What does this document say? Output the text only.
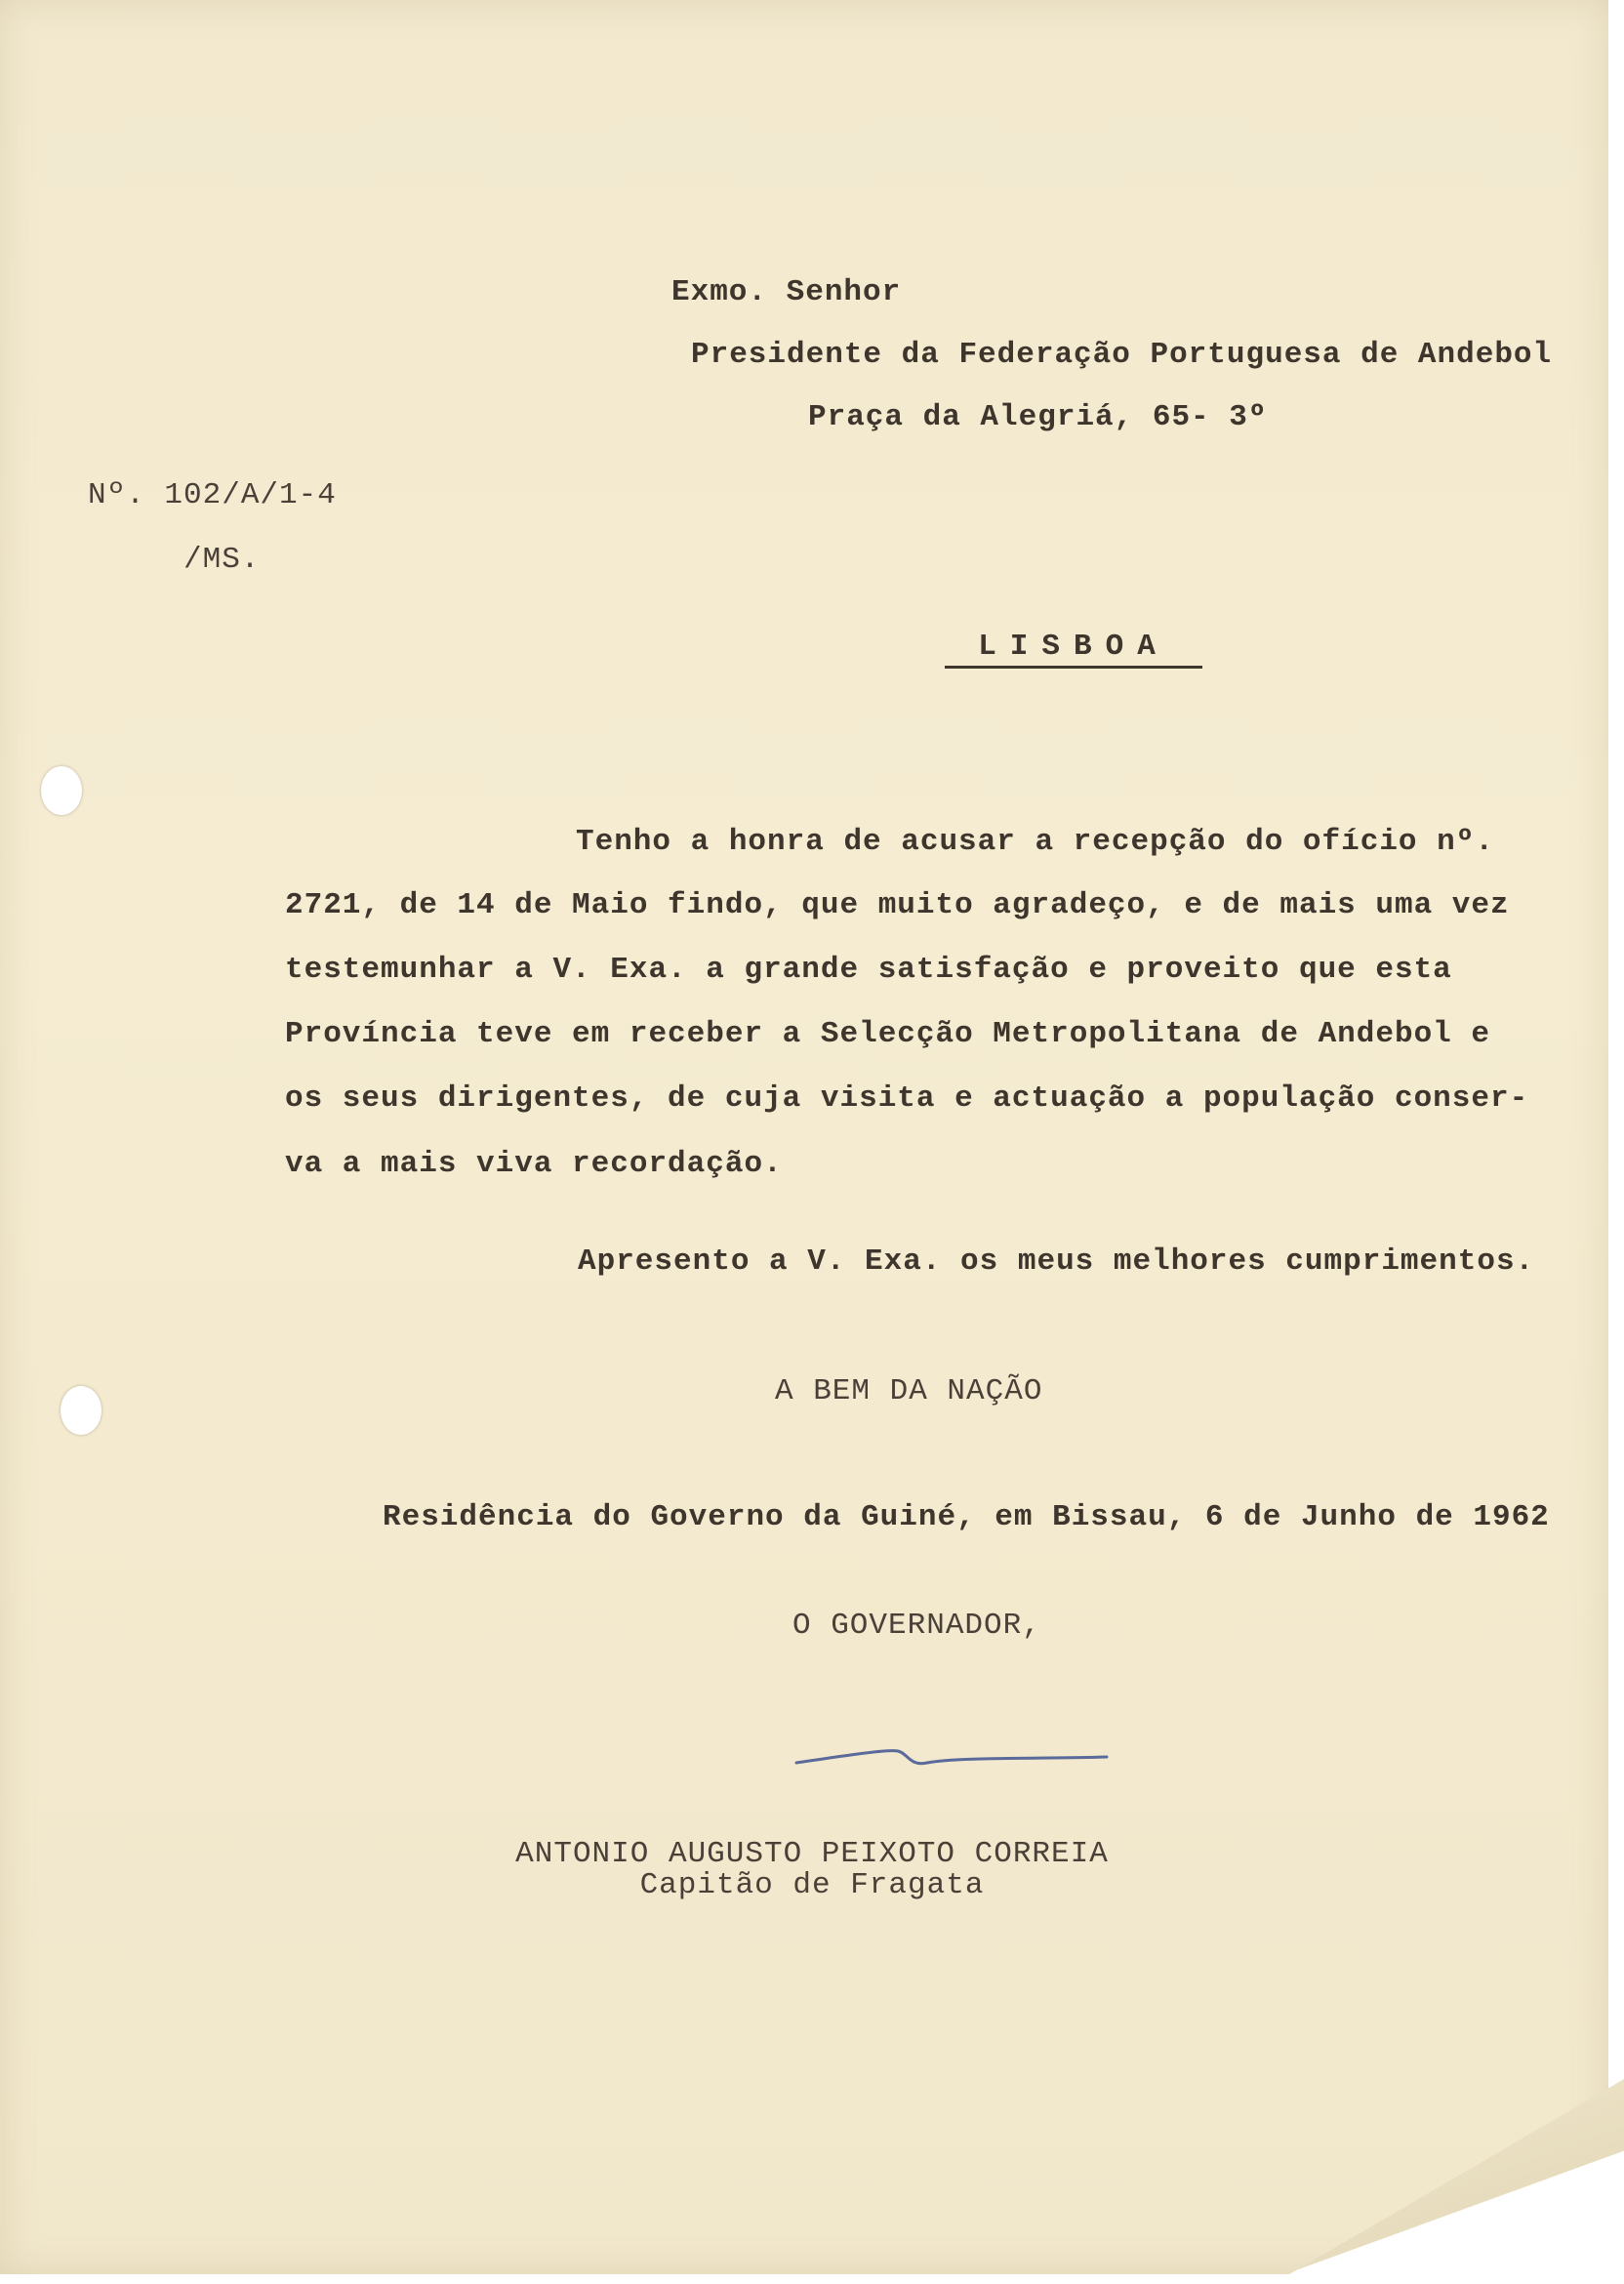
Exmo. Senhor
Presidente da Federação Portuguesa de Andebol
Praça da Alegriá, 65- 3º
Nº. 102/A/1-4
/MS.
LISBOA
Tenho a honra de acusar a recepção do ofício nº.
2721, de 14 de Maio findo, que muito agradeço, e de mais uma vez
testemunhar a V. Exa. a grande satisfação e proveito que esta
Província teve em receber a Selecção Metropolitana de Andebol e
os seus dirigentes, de cuja visita e actuação a população conser-
va a mais viva recordação.
Apresento a V. Exa. os meus melhores cumprimentos.
A BEM DA NAÇÃO
Residência do Governo da Guiné, em Bissau, 6 de Junho de 1962
O GOVERNADOR,
ANTONIO AUGUSTO PEIXOTO CORREIA
Capitão de Fragata
